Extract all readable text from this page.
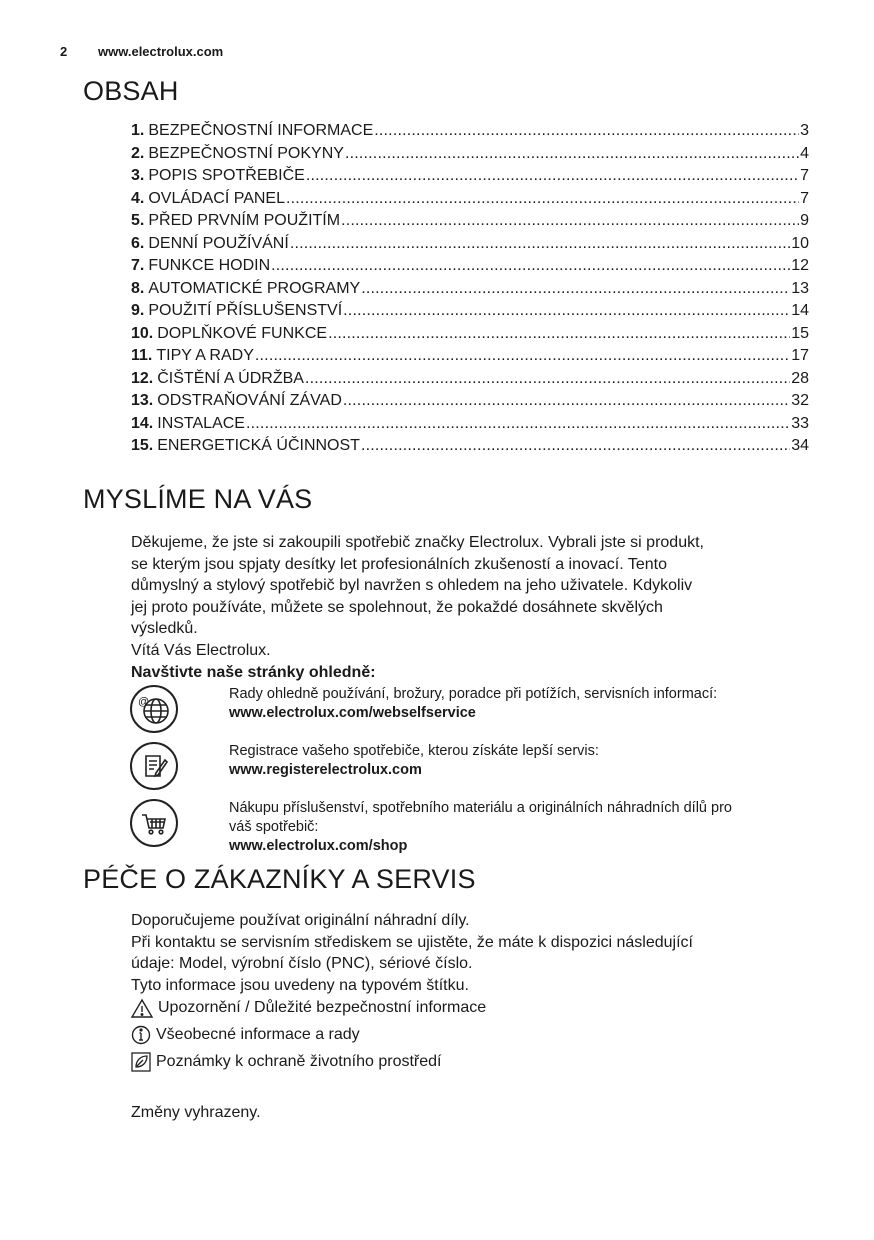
2 www.electrolux.com
OBSAH
1. BEZPEČNOSTNÍ INFORMACE .....	3
2. BEZPEČNOSTNÍ POKYNY .....	4
3. POPIS SPOTŘEBIČE .....	7
4. OVLÁDACÍ PANEL .....	7
5. PŘED PRVNÍM POUŽITÍM .....	9
6. DENNÍ POUŽÍVÁNÍ .....	10
7. FUNKCE HODIN .....	12
8. AUTOMATICKÉ PROGRAMY .....	13
9. POUŽITÍ PŘÍSLUŠENSTVÍ .....	14
10. DOPLŇKOVÉ FUNKCE .....	15
11. TIPY A RADY .....	17
12. ČIŠTĚNÍ A ÚDRŽBA .....	28
13. ODSTRAŇOVÁNÍ ZÁVAD .....	32
14. INSTALACE .....	33
15. ENERGETICKÁ ÚČINNOST .....	34
MYSLÍME NA VÁS
Děkujeme, že jste si zakoupili spotřebič značky Electrolux. Vybrali jste si produkt,
se kterým jsou spjaty desítky let profesionálních zkušeností a inovací. Tento
důmyslný a stylový spotřebič byl navržen s ohledem na jeho uživatele. Kdykoliv
jej proto používáte, můžete se spolehnout, že pokaždé dosáhnete skvělých
výsledků.
Vítá Vás Electrolux.
Navštivte naše stránky ohledně:
@	Rady ohledně používání, brožury, poradce při potížích, servisních informací:
www.electrolux.com/webselfservice
Registrace vašeho spotřebiče, kterou získáte lepší servis:
www.registerelectrolux.com
Nákupu příslušenství, spotřebního materiálu a originálních náhradních dílů pro
váš spotřebič:
www.electrolux.com/shop
PÉČE O ZÁKAZNÍKY A SERVIS
Doporučujeme používat originální náhradní díly.
Při kontaktu se servisním střediskem se ujistěte, že máte k dispozici následující
údaje: Model, výrobní číslo (PNC), sériové číslo.
Tyto informace jsou uvedeny na typovém štítku.
Upozornění / Důležité bezpečnostní informace
Všeobecné informace a rady
Poznámky k ochraně životního prostředí
Změny vyhrazeny.
